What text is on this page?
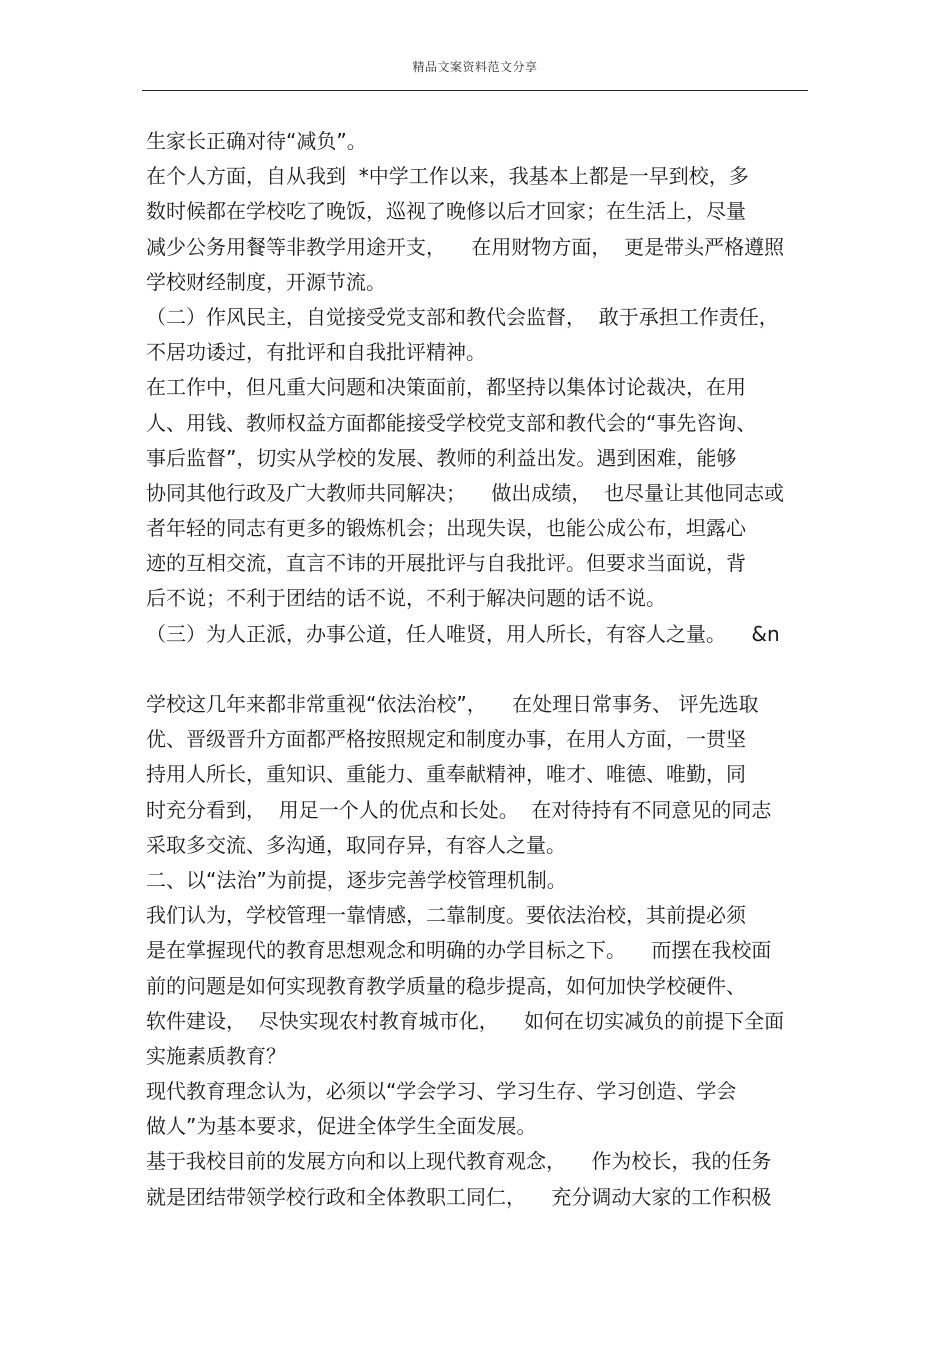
精品文案资料范文分享
生家长正确对待“减负”。
在个人方面，自从我到  *中学工作以来，我基本上都是一早到校，多
数时候都在学校吃了晚饭，巡视了晚修以后才回家；在生活上，尽量
减少公务用餐等非教学用途开支，    在用财物方面，  更是带头严格遵照
学校财经制度，开源节流。
（二）作风民主，自觉接受党支部和教代会监督，  敢于承担工作责任，
不居功诿过，有批评和自我批评精神。
在工作中，但凡重大问题和决策面前，都坚持以集体讨论裁决，在用
人、用钱、教师权益方面都能接受学校党支部和教代会的“事先咨询、
事后监督”，切实从学校的发展、教师的利益出发。遇到困难，能够
协同其他行政及广大教师共同解决；    做出成绩，  也尽量让其他同志或
者年轻的同志有更多的锻炼机会；出现失误，也能公成公布，坦露心
迹的互相交流，直言不讳的开展批评与自我批评。但要求当面说，背
后不说；不利于团结的话不说，不利于解决问题的话不说。
（三）为人正派，办事公道，任人唯贤，用人所长，有容人之量。    &n
学校这几年来都非常重视“依法治校”，    在处理日常事务、 评先选取
优、晋级晋升方面都严格按照规定和制度办事，在用人方面，一贯坚
持用人所长，重知识、重能力、重奉献精神，唯才、唯德、唯勤，同
时充分看到，  用足一个人的优点和长处。  在对待持有不同意见的同志
采取多交流、多沟通，取同存异，有容人之量。
二、以“法治”为前提，逐步完善学校管理机制。
我们认为，学校管理一靠情感，二靠制度。要依法治校，其前提必须
是在掌握现代的教育思想观念和明确的办学目标之下。    而摆在我校面
前的问题是如何实现教育教学质量的稳步提高，如何加快学校硬件、
软件建设，  尽快实现农村教育城市化，    如何在切实减负的前提下全面
实施素质教育？
现代教育理念认为，必须以“学会学习、学习生存、学习创造、学会
做人”为基本要求，促进全体学生全面发展。
基于我校目前的发展方向和以上现代教育观念，    作为校长，我的任务
就是团结带领学校行政和全体教职工同仁，    充分调动大家的工作积极
